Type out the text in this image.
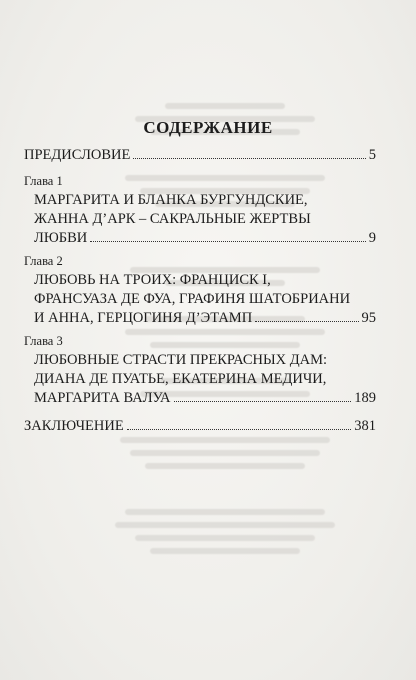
СОДЕРЖАНИЕ
ПРЕДИСЛОВИЕ	5
Глава 1
МАРГАРИТА И БЛАНКА БУРГУНДСКИЕ,
ЖАННА Д’АРК – САКРАЛЬНЫЕ ЖЕРТВЫ
ЛЮБВИ	9
Глава 2
ЛЮБОВЬ НА ТРОИХ: ФРАНЦИСК I,
ФРАНСУАЗА ДЕ ФУА, ГРАФИНЯ ШАТОБРИАНИ
И АННА, ГЕРЦОГИНЯ Д’ЭТАМП	95
Глава 3
ЛЮБОВНЫЕ СТРАСТИ ПРЕКРАСНЫХ ДАМ:
ДИАНА ДЕ ПУАТЬЕ, ЕКАТЕРИНА МЕДИЧИ,
МАРГАРИТА ВАЛУА	189
ЗАКЛЮЧЕНИЕ	381
